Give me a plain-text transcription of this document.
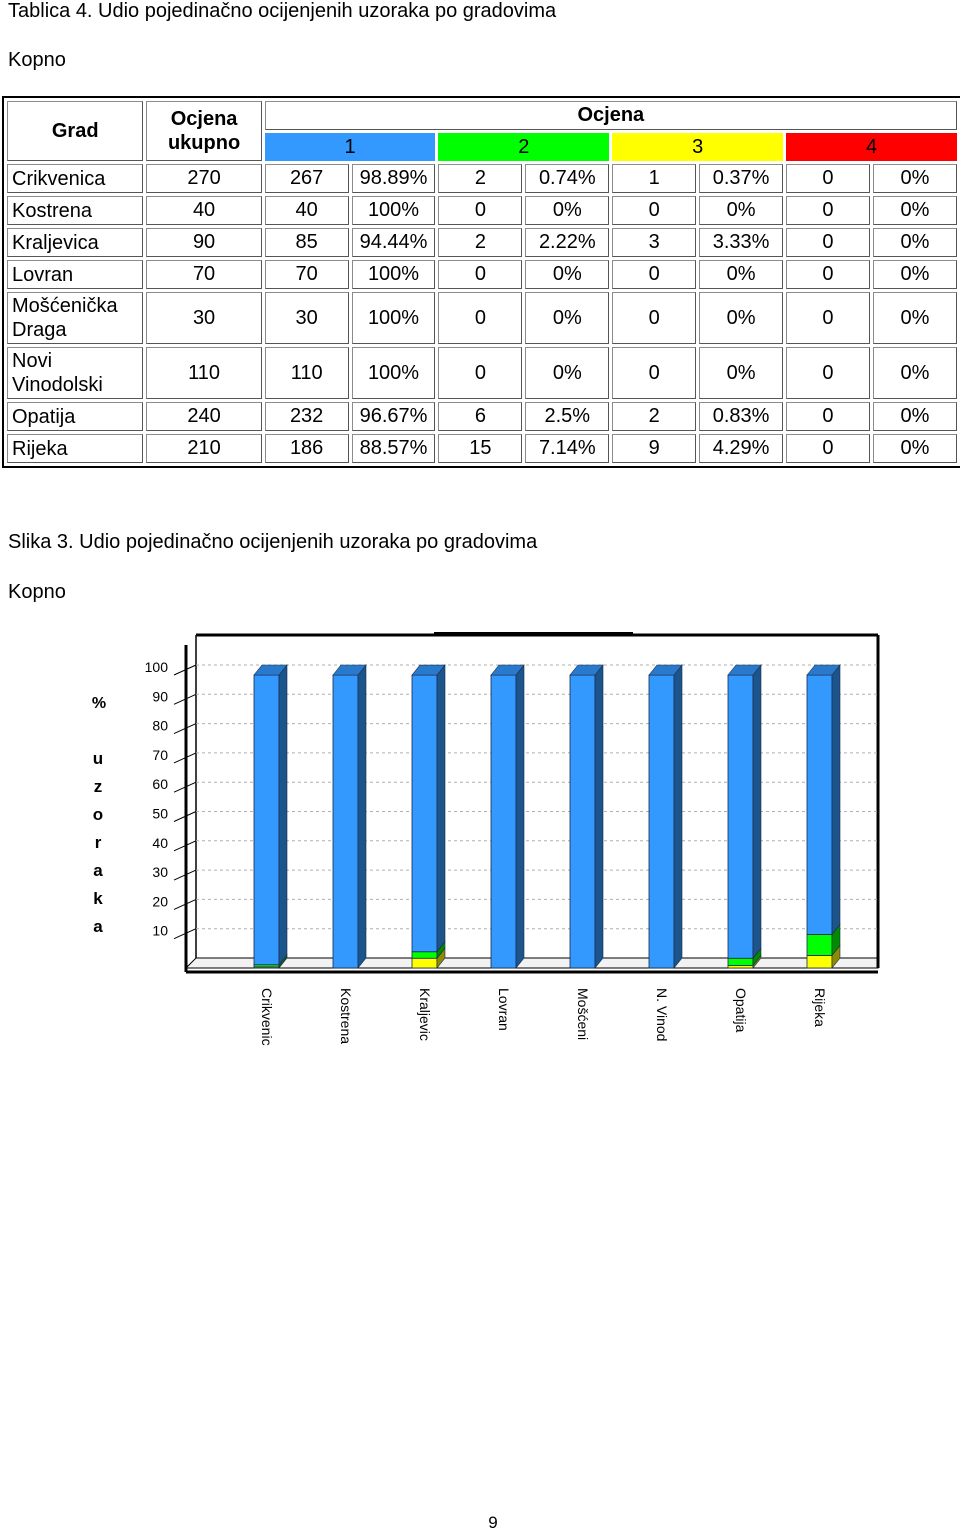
Tablica 4. Udio pojedinačno ocijenjenih uzoraka po gradovima
Kopno
Grad	Ocjena ukupno	Ocjena							
		1		2		3		4	
Crikvenica	270	267	98.89%	2	0.74%	1	0.37%	0	0%
Kostrena	40	40	100%	0	0%	0	0%	0	0%
Kraljevica	90	85	94.44%	2	2.22%	3	3.33%	0	0%
Lovran	70	70	100%	0	0%	0	0%	0	0%
Mošćenička Draga	30	30	100%	0	0%	0	0%	0	0%
Novi Vinodolski	110	110	100%	0	0%	0	0%	0	0%
Opatija	240	232	96.67%	6	2.5%	2	0.83%	0	0%
Rijeka	210	186	88.57%	15	7.14%	9	4.29%	0	0%
Slika 3. Udio pojedinačno ocijenjenih uzoraka po gradovima
Kopno
10
20
30
40
50
60
70
80
90
100
%
u
z
o
r
a
k
a
Crikvenic	Kostrena	Kraljevic	Lovran	Mošćeni	N. Vinod	Opatija	Rijeka
9
